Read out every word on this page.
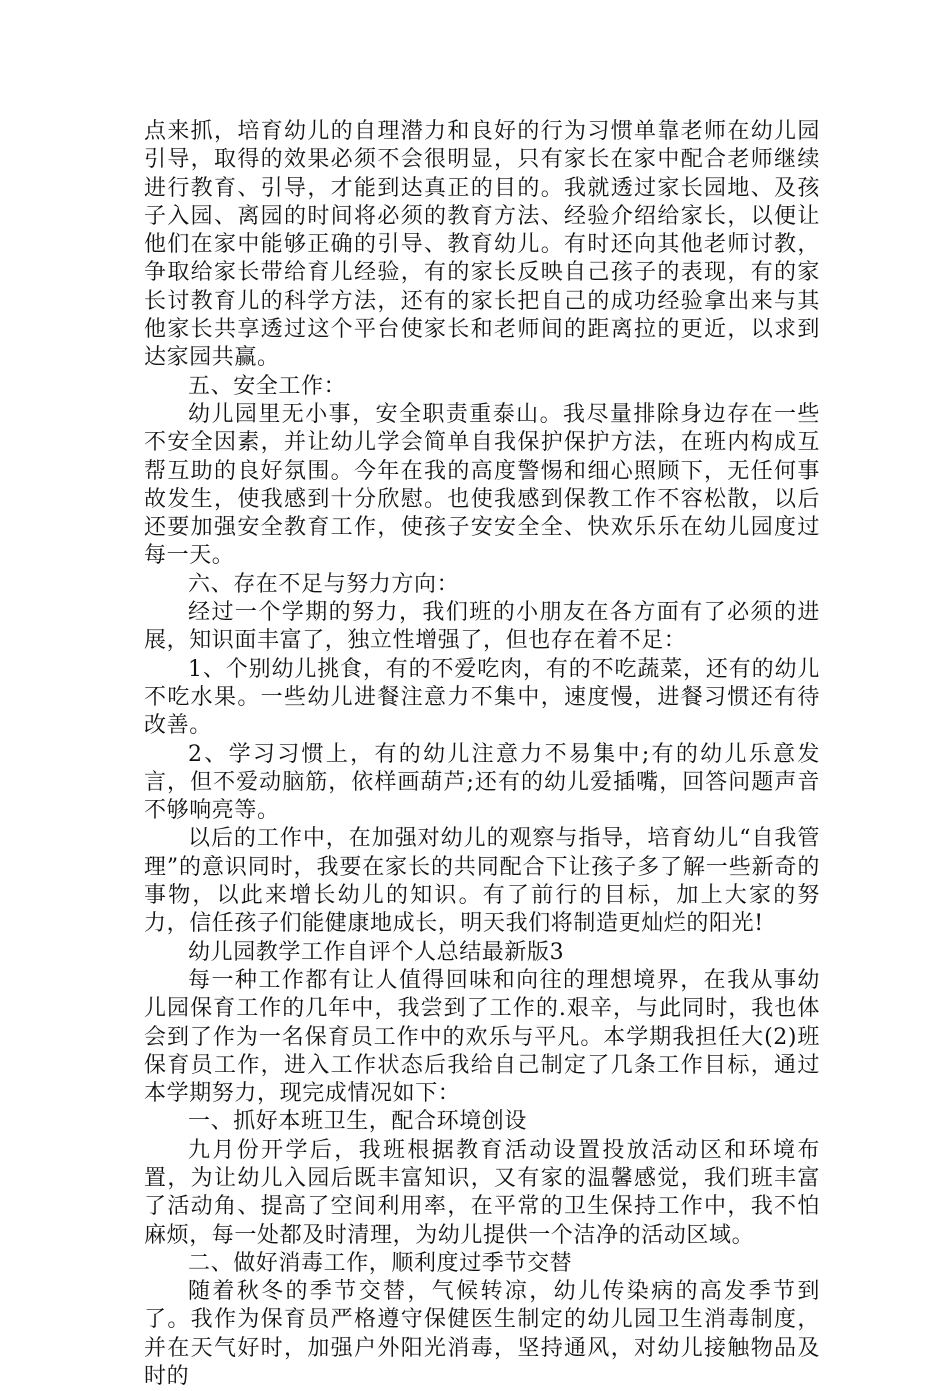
点来抓，培育幼儿的自理潜力和良好的行为习惯单靠老师在幼儿园引导，取得的效果必须不会很明显，只有家长在家中配合老师继续进行教育、引导，才能到达真正的目的。我就透过家长园地、及孩子入园、离园的时间将必须的教育方法、经验介绍给家长，以便让他们在家中能够正确的引导、教育幼儿。有时还向其他老师讨教，争取给家长带给育儿经验，有的家长反映自己孩子的表现，有的家长讨教育儿的科学方法，还有的家长把自己的成功经验拿出来与其他家长共享透过这个平台使家长和老师间的距离拉的更近，以求到达家园共赢。

五、安全工作：

幼儿园里无小事，安全职责重泰山。我尽量排除身边存在一些不安全因素，并让幼儿学会简单自我保护保护方法，在班内构成互帮互助的良好氛围。今年在我的高度警惕和细心照顾下，无任何事故发生，使我感到十分欣慰。也使我感到保教工作不容松散，以后还要加强安全教育工作，使孩子安安全全、快欢乐乐在幼儿园度过每一天。

六、存在不足与努力方向：

经过一个学期的努力，我们班的小朋友在各方面有了必须的进展，知识面丰富了，独立性增强了，但也存在着不足：

1、个别幼儿挑食，有的不爱吃肉，有的不吃蔬菜，还有的幼儿不吃水果。一些幼儿进餐注意力不集中，速度慢，进餐习惯还有待改善。

2、学习习惯上，有的幼儿注意力不易集中;有的幼儿乐意发言，但不爱动脑筋，依样画葫芦;还有的幼儿爱插嘴，回答问题声音不够响亮等。

以后的工作中，在加强对幼儿的观察与指导，培育幼儿“自我管理”的意识同时，我要在家长的共同配合下让孩子多了解一些新奇的事物，以此来增长幼儿的知识。有了前行的目标，加上大家的努力，信任孩子们能健康地成长，明天我们将制造更灿烂的阳光!

幼儿园教学工作自评个人总结最新版3

每一种工作都有让人值得回味和向往的理想境界，在我从事幼儿园保育工作的几年中，我尝到了工作的.艰辛，与此同时，我也体会到了作为一名保育员工作中的欢乐与平凡。本学期我担任大(2)班保育员工作，进入工作状态后我给自己制定了几条工作目标，通过本学期努力，现完成情况如下：

一、抓好本班卫生，配合环境创设

九月份开学后，我班根据教育活动设置投放活动区和环境布置，为让幼儿入园后既丰富知识，又有家的温馨感觉，我们班丰富了活动角、提高了空间利用率，在平常的卫生保持工作中，我不怕麻烦，每一处都及时清理，为幼儿提供一个洁净的活动区域。

二、做好消毒工作，顺利度过季节交替

随着秋冬的季节交替，气候转凉，幼儿传染病的高发季节到了。我作为保育员严格遵守保健医生制定的幼儿园卫生消毒制度，并在天气好时，加强户外阳光消毒，坚持通风，对幼儿接触物品及时的
